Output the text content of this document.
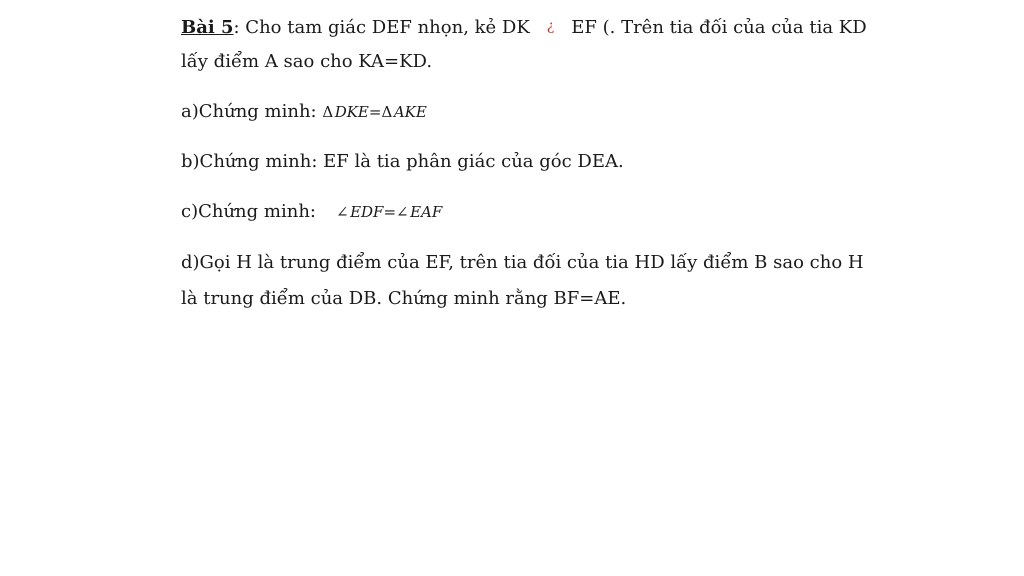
Bài 5: Cho tam giác DEF nhọn, kẻ DK ¿ EF (. Trên tia đối của của tia KD
lấy điểm A sao cho KA=KD.
a)Chứng minh: Δ  DKE=Δ  AKE
b)Chứng minh: EF là tia phân giác của góc DEA.
c)Chứng minh: ∠  EDF=∠  EAF
d)Gọi H là trung điểm của EF, trên tia đối của tia HD lấy điểm B sao cho H
là trung điểm của DB. Chứng minh rằng BF=AE.
